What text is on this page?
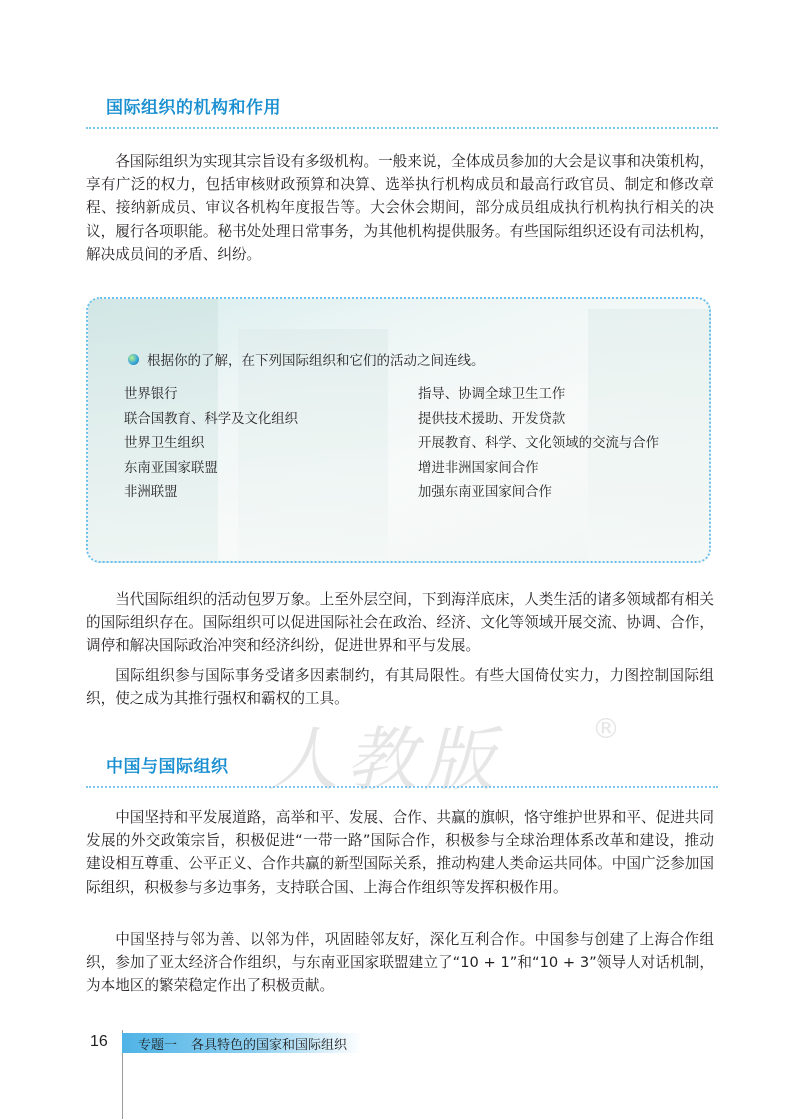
国际组织的机构和作用

各国际组织为实现其宗旨设有多级机构。一般来说，全体成员参加的大会是议事和决策机构，享有广泛的权力，包括审核财政预算和决算、选举执行机构成员和最高行政官员、制定和修改章程、接纳新成员、审议各机构年度报告等。大会休会期间，部分成员组成执行机构执行相关的决议，履行各项职能。秘书处处理日常事务，为其他机构提供服务。有些国际组织还设有司法机构，解决成员间的矛盾、纠纷。

根据你的了解，在下列国际组织和它们的活动之间连线。
世界银行
联合国教育、科学及文化组织
世界卫生组织
东南亚国家联盟
非洲联盟
指导、协调全球卫生工作
提供技术援助、开发贷款
开展教育、科学、文化领域的交流与合作
增进非洲国家间合作
加强东南亚国家间合作

当代国际组织的活动包罗万象。上至外层空间，下到海洋底床，人类生活的诸多领域都有相关的国际组织存在。国际组织可以促进国际社会在政治、经济、文化等领域开展交流、协调、合作，调停和解决国际政治冲突和经济纠纷，促进世界和平与发展。

国际组织参与国际事务受诸多因素制约，有其局限性。有些大国倚仗实力，力图控制国际组织，使之成为其推行强权和霸权的工具。

人教版	®
中国与国际组织

中国坚持和平发展道路，高举和平、发展、合作、共赢的旗帜，恪守维护世界和平、促进共同发展的外交政策宗旨，积极促进“一带一路”国际合作，积极参与全球治理体系改革和建设，推动建设相互尊重、公平正义、合作共赢的新型国际关系，推动构建人类命运共同体。中国广泛参加国际组织，积极参与多边事务，支持联合国、上海合作组织等发挥积极作用。

中国坚持与邻为善、以邻为伴，巩固睦邻友好，深化互利合作。中国参与创建了上海合作组织，参加了亚太经济合作组织，与东南亚国家联盟建立了“10 + 1”和“10 + 3”领导人对话机制，为本地区的繁荣稳定作出了积极贡献。

16 专题一 各具特色的国家和国际组织
